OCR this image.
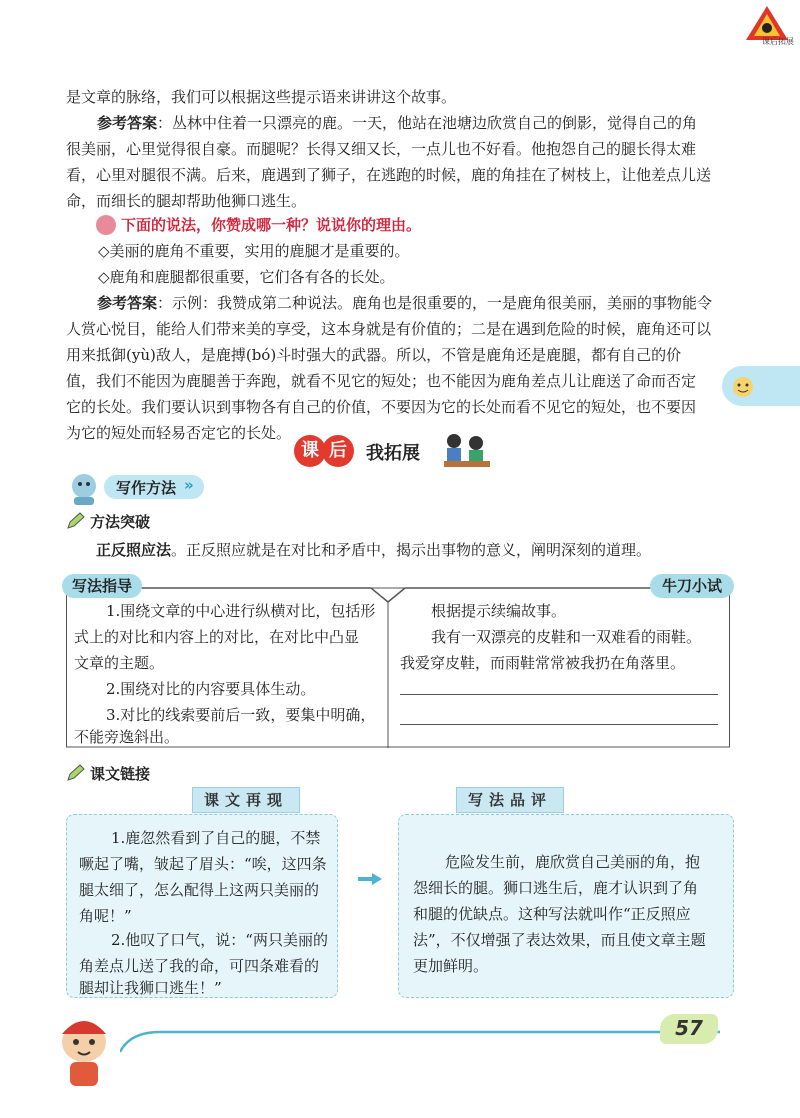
课后拓展
是文章的脉络，我们可以根据这些提示语来讲讲这个故事。
参考答案：丛林中住着一只漂亮的鹿。一天，他站在池塘边欣赏自己的倒影，觉得自己的角
很美丽，心里觉得很自豪。而腿呢？长得又细又长，一点儿也不好看。他抱怨自己的腿长得太难
看，心里对腿很不满。后来，鹿遇到了狮子，在逃跑的时候，鹿的角挂在了树枝上，让他差点儿送
命，而细长的腿却帮助他狮口逃生。
下面的说法，你赞成哪一种？说说你的理由。
◇美丽的鹿角不重要，实用的鹿腿才是重要的。
◇鹿角和鹿腿都很重要，它们各有各的长处。
参考答案：示例：我赞成第二种说法。鹿角也是很重要的，一是鹿角很美丽，美丽的事物能令
人赏心悦目，能给人们带来美的享受，这本身就是有价值的；二是在遇到危险的时候，鹿角还可以
用来抵御(yù)敌人，是鹿搏(bó)斗时强大的武器。所以，不管是鹿角还是鹿腿，都有自己的价
值，我们不能因为鹿腿善于奔跑，就看不见它的短处；也不能因为鹿角差点儿让鹿送了命而否定
它的长处。我们要认识到事物各有自己的价值，不要因为它的长处而看不见它的短处，也不要因
为它的短处而轻易否定它的长处。
课 后	我拓展
写作方法 »
方法突破
正反照应法。正反照应就是在对比和矛盾中，揭示出事物的意义，阐明深刻的道理。
写法指导	牛刀小试
1.围绕文章的中心进行纵横对比，包括形
式上的对比和内容上的对比，在对比中凸显
文章的主题。
2.围绕对比的内容要具体生动。
3.对比的线索要前后一致，要集中明确，
不能旁逸斜出。
根据提示续编故事。
我有一双漂亮的皮鞋和一双难看的雨鞋。
我爱穿皮鞋，而雨鞋常常被我扔在角落里。
课文链接
课文再现	写法品评
1.鹿忽然看到了自己的腿，不禁
噘起了嘴，皱起了眉头：“唉，这四条
腿太细了，怎么配得上这两只美丽的
角呢！”
2.他叹了口气，说：“两只美丽的
角差点儿送了我的命，可四条难看的
腿却让我狮口逃生！”
危险发生前，鹿欣赏自己美丽的角，抱
怨细长的腿。狮口逃生后，鹿才认识到了角
和腿的优缺点。这种写法就叫作“正反照应
法”，不仅增强了表达效果，而且使文章主题
更加鲜明。
57
